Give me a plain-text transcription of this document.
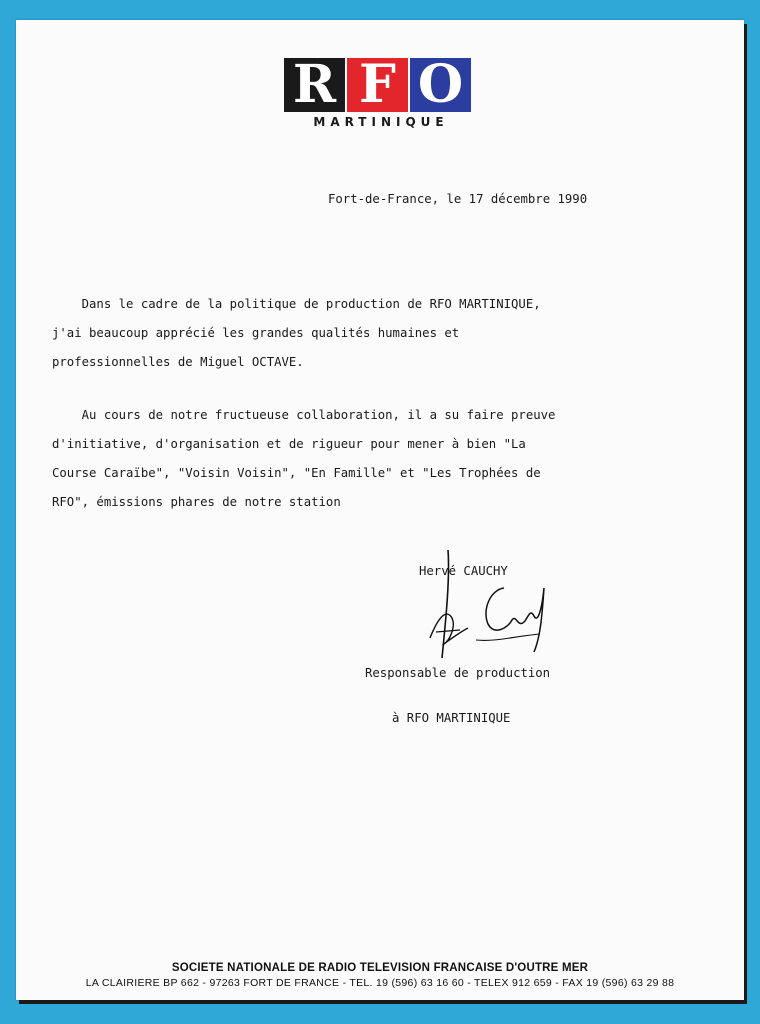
R F O
MARTINIQUE
Fort-de-France, le 17 décembre 1990
Dans le cadre de la politique de production de RFO MARTINIQUE,
j'ai beaucoup apprécié les grandes qualités humaines et
professionnelles de Miguel OCTAVE.
Au cours de notre fructueuse collaboration, il a su faire preuve
d'initiative, d'organisation et de rigueur pour mener à bien "La
Course Caraïbe", "Voisin Voisin", "En Famille" et "Les Trophées de
RFO", émissions phares de notre station
Hervé CAUCHY

Responsable de production

à RFO MARTINIQUE

SOCIETE NATIONALE DE RADIO TELEVISION FRANCAISE D'OUTRE MER
LA CLAIRIERE BP 662 - 97263 FORT DE FRANCE - TEL. 19 (596) 63 16 60 - TELEX 912 659 - FAX 19 (596) 63 29 88
